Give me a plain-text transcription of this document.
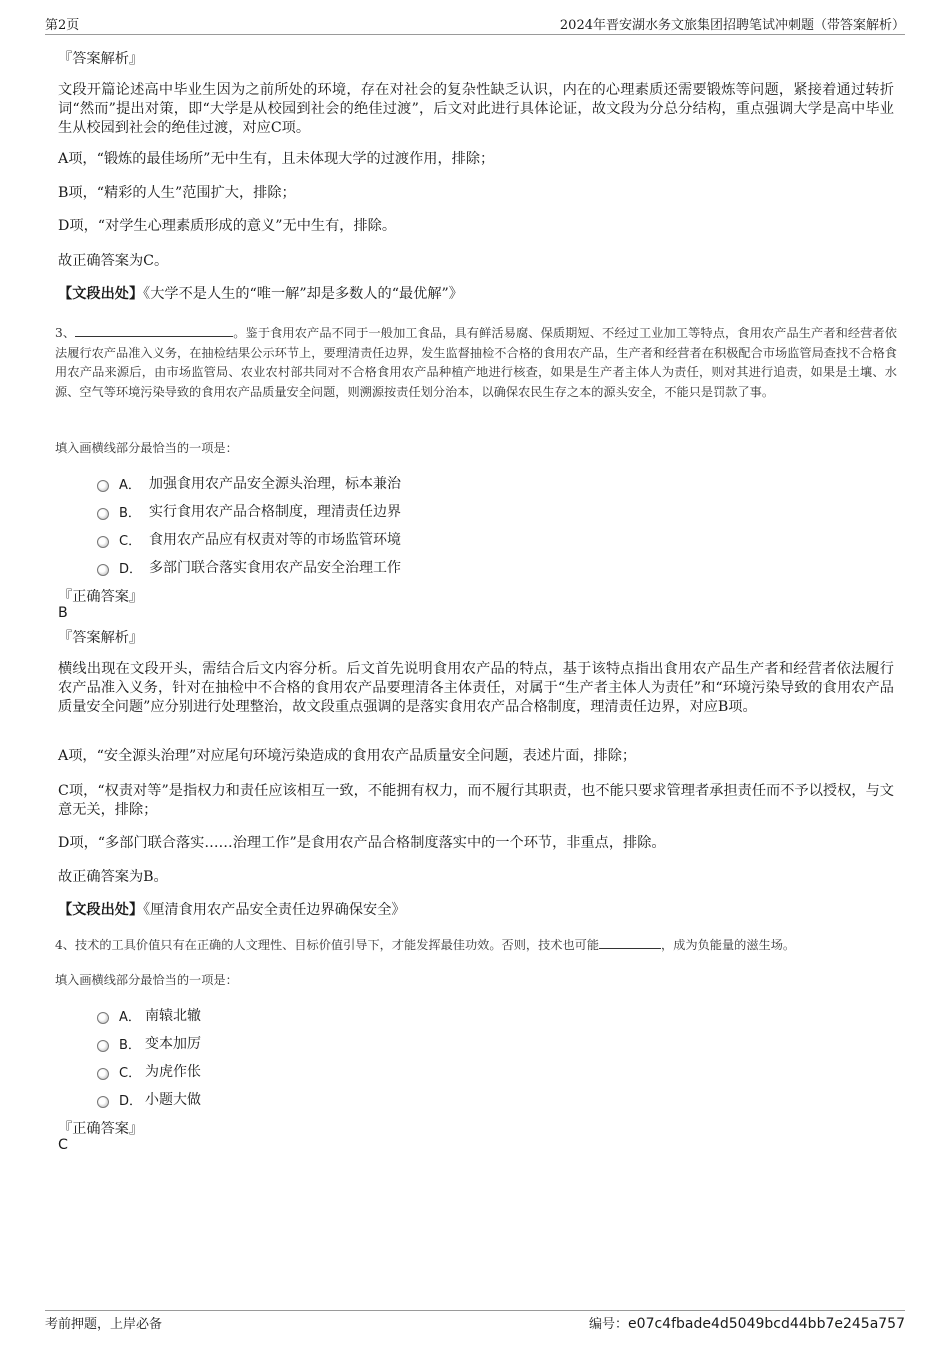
第2页	2024年晋安湖水务文旅集团招聘笔试冲刺题（带答案解析）
『答案解析』
文段开篇论述高中毕业生因为之前所处的环境，存在对社会的复杂性缺乏认识，内在的心理素质还需要锻炼等问题，紧接着通过转折词“然而”提出对策，即“大学是从校园到社会的绝佳过渡”，后文对此进行具体论证，故文段为分总分结构，重点强调大学是高中毕业生从校园到社会的绝佳过渡，对应C项。
A项，“锻炼的最佳场所”无中生有，且未体现大学的过渡作用，排除；
B项，“精彩的人生”范围扩大，排除；
D项，“对学生心理素质形成的意义”无中生有，排除。
故正确答案为C。
【文段出处】《大学不是人生的“唯一解”却是多数人的“最优解”》
3、	。鉴于食用农产品不同于一般加工食品，具有鲜活易腐、保质期短、不经过工业加工等特点，食用农产品生产者和经营者依法履行农产品准入义务，在抽检结果公示环节上，要理清责任边界，发生监督抽检不合格的食用农产品，生产者和经营者在积极配合市场监管局查找不合格食用农产品来源后，由市场监管局、农业农村部共同对不合格食用农产品种植产地进行核查，如果是生产者主体人为责任，则对其进行追责，如果是土壤、水源、空气等环境污染导致的食用农产品质量安全问题，则溯源按责任划分治本，以确保农民生存之本的源头安全，不能只是罚款了事。
填入画横线部分最恰当的一项是：
A． 加强食用农产品安全源头治理，标本兼治
B． 实行食用农产品合格制度，理清责任边界
C． 食用农产品应有权责对等的市场监管环境
D． 多部门联合落实食用农产品安全治理工作
『正确答案』
B
『答案解析』
横线出现在文段开头，需结合后文内容分析。后文首先说明食用农产品的特点，基于该特点指出食用农产品生产者和经营者依法履行农产品准入义务，针对在抽检中不合格的食用农产品要理清各主体责任，对属于“生产者主体人为责任”和“环境污染导致的食用农产品质量安全问题”应分别进行处理整治，故文段重点强调的是落实食用农产品合格制度，理清责任边界，对应B项。
A项，“安全源头治理”对应尾句环境污染造成的食用农产品质量安全问题，表述片面，排除；
C项，“权责对等”是指权力和责任应该相互一致，不能拥有权力，而不履行其职责，也不能只要求管理者承担责任而不予以授权，与文意无关，排除；
D项，“多部门联合落实……治理工作”是食用农产品合格制度落实中的一个环节，非重点，排除。
故正确答案为B。
【文段出处】《厘清食用农产品安全责任边界确保安全》
4、技术的工具价值只有在正确的人文理性、目标价值引导下，才能发挥最佳功效。否则，技术也可能	，成为负能量的滋生场。
填入画横线部分最恰当的一项是：
A． 南辕北辙
B． 变本加厉
C． 为虎作伥
D． 小题大做
『正确答案』
C
考前押题，上岸必备	编号：e07c4fbade4d5049bcd44bb7e245a757
